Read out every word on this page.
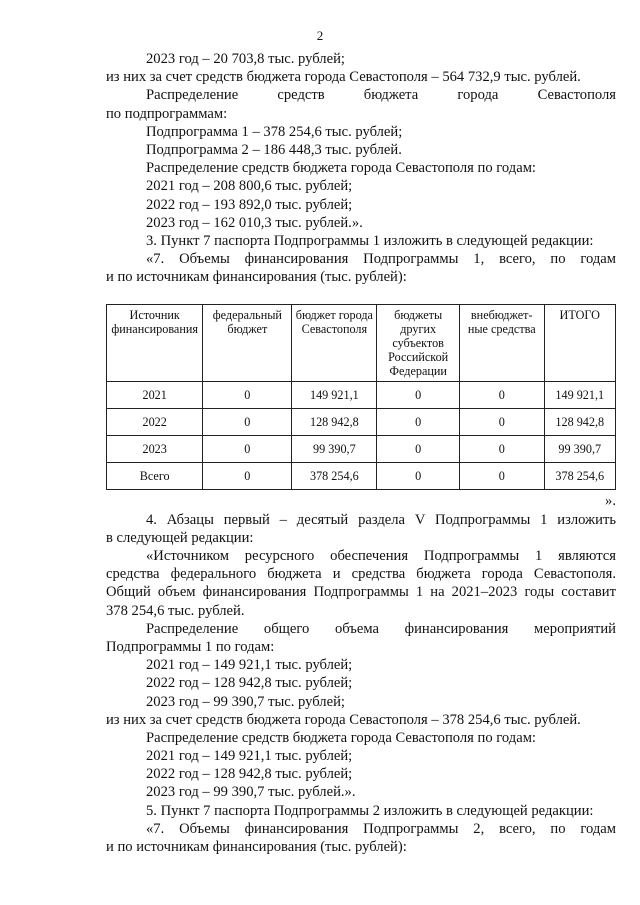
2
2023 год – 20 703,8 тыс. рублей;
из них за счет средств бюджета города Севастополя – 564 732,9 тыс. рублей.
Распределение средств бюджета города Севастополя
по подпрограммам:
Подпрограмма 1 – 378 254,6 тыс. рублей;
Подпрограмма 2 – 186 448,3 тыс. рублей.
Распределение средств бюджета города Севастополя по годам:
2021 год – 208 800,6 тыс. рублей;
2022 год – 193 892,0 тыс. рублей;
2023 год – 162 010,3 тыс. рублей.».
3. Пункт 7 паспорта Подпрограммы 1 изложить в следующей редакции:
«7. Объемы финансирования Подпрограммы 1, всего, по годам
и по источникам финансирования (тыс. рублей):
Источник финансирования	федеральный бюджет	бюджет города Севастополя	бюджеты других субъектов Российской Федерации	внебюджет-ные средства	ИТОГО
2021	0	149 921,1	0	0	149 921,1
2022	0	128 942,8	0	0	128 942,8
2023	0	99 390,7	0	0	99 390,7
Всего	0	378 254,6	0	0	378 254,6
».
4. Абзацы первый – десятый раздела V Подпрограммы 1 изложить
в следующей редакции:
«Источником ресурсного обеспечения Подпрограммы 1 являются
средства федерального бюджета и средства бюджета города Севастополя.
Общий объем финансирования Подпрограммы 1 на 2021–2023 годы составит
378 254,6 тыс. рублей.
Распределение общего объема финансирования мероприятий
Подпрограммы 1 по годам:
2021 год – 149 921,1 тыс. рублей;
2022 год – 128 942,8 тыс. рублей;
2023 год – 99 390,7 тыс. рублей;
из них за счет средств бюджета города Севастополя – 378 254,6 тыс. рублей.
Распределение средств бюджета города Севастополя по годам:
2021 год – 149 921,1 тыс. рублей;
2022 год – 128 942,8 тыс. рублей;
2023 год – 99 390,7 тыс. рублей.».
5. Пункт 7 паспорта Подпрограммы 2 изложить в следующей редакции:
«7. Объемы финансирования Подпрограммы 2, всего, по годам
и по источникам финансирования (тыс. рублей):
